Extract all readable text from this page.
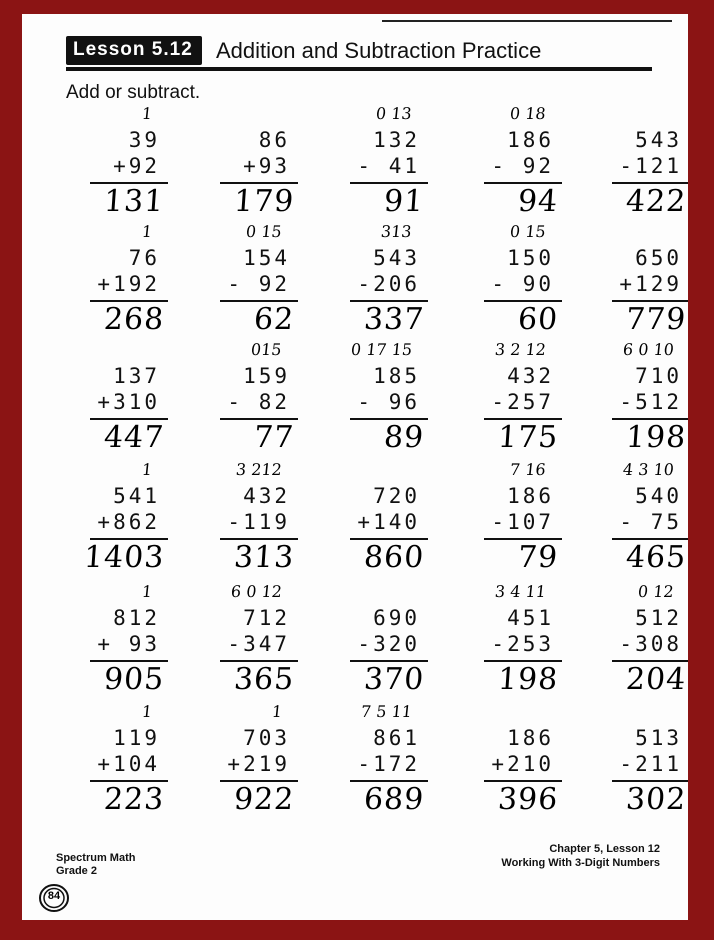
Lesson 5.12	Addition and Subtraction Practice
Add or subtract.
1
39
+92
131
86
+93
179
0 13
132
- 41
91
0 18
186
- 92
94
543
-121
422
1
76
+192
268
0 15
154
- 92
62
313
543
-206
337
0 15
150
- 90
60
650
+129
779
137
+310
447
015
159
- 82
77
0 17 15
185
- 96
89
3 2 12
432
-257
175
6 0 10
710
-512
198
1
541
+862
1403
3 212
432
-119
313
720
+140
860
7 16
186
-107
79
4 3 10
540
- 75
465
1
812
+ 93
905
6 0 12
712
-347
365
690
-320
370
3 4 11
451
-253
198
0 12
512
-308
204
1
119
+104
223
1
703
+219
922
7 5 11
861
-172
689
186
+210
396
513
-211
302
Spectrum Math
Grade 2
84
Chapter 5, Lesson 12
Working With 3-Digit Numbers
